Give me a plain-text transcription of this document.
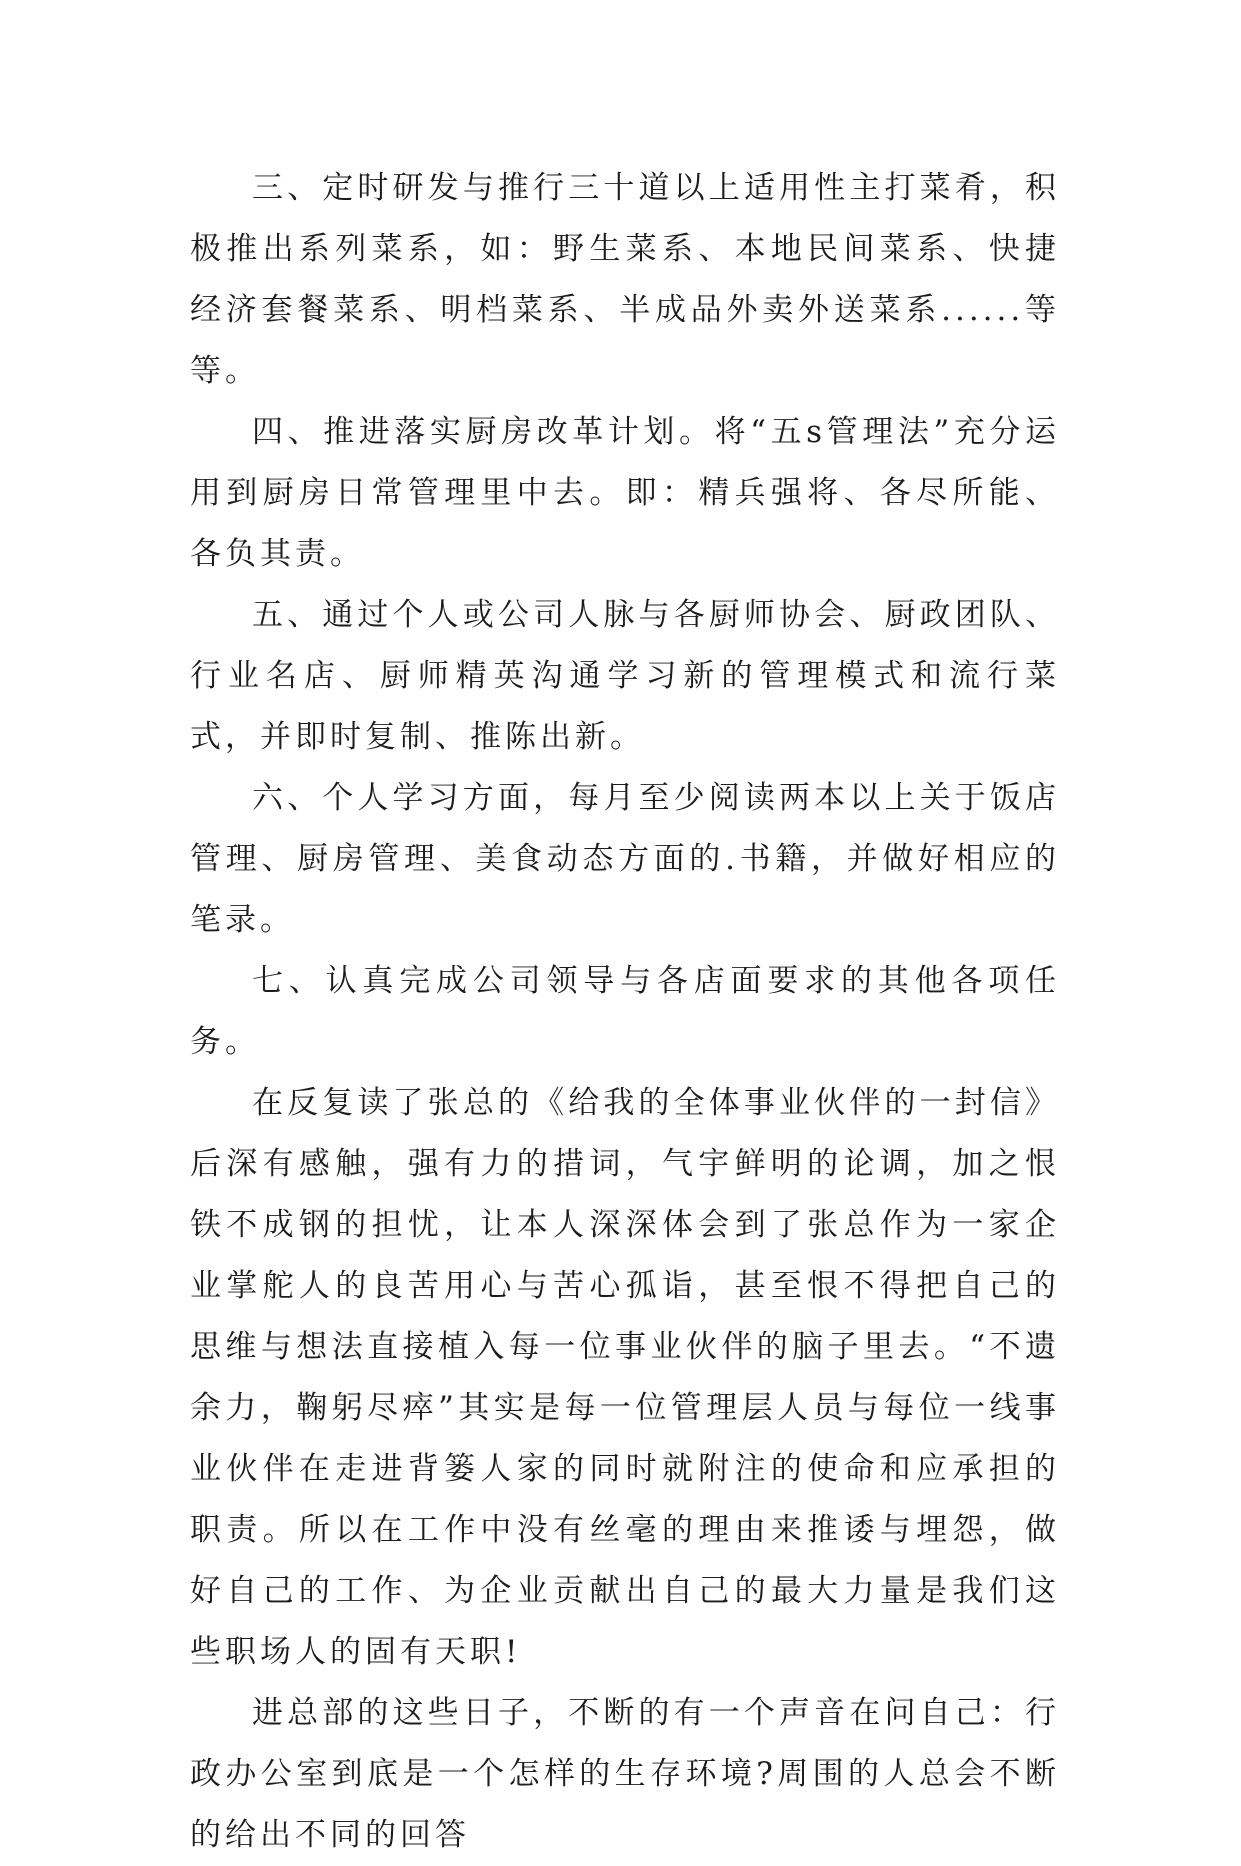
三、定时研发与推行三十道以上适用性主打菜肴，积极推出系列菜系，如：野生菜系、本地民间菜系、快捷经济套餐菜系、明档菜系、半成品外卖外送菜系......等等。

四、推进落实厨房改革计划。将“五s管理法”充分运用到厨房日常管理里中去。即：精兵强将、各尽所能、各负其责。

五、通过个人或公司人脉与各厨师协会、厨政团队、行业名店、厨师精英沟通学习新的管理模式和流行菜式，并即时复制、推陈出新。

六、个人学习方面，每月至少阅读两本以上关于饭店管理、厨房管理、美食动态方面的.书籍，并做好相应的笔录。

七、认真完成公司领导与各店面要求的其他各项任务。

在反复读了张总的《给我的全体事业伙伴的一封信》后深有感触，强有力的措词，气宇鲜明的论调，加之恨铁不成钢的担忧，让本人深深体会到了张总作为一家企业掌舵人的良苦用心与苦心孤诣，甚至恨不得把自己的思维与想法直接植入每一位事业伙伴的脑子里去。“不遗余力，鞠躬尽瘁”其实是每一位管理层人员与每位一线事业伙伴在走进背篓人家的同时就附注的使命和应承担的职责。所以在工作中没有丝毫的理由来推诿与埋怨，做好自己的工作、为企业贡献出自己的最大力量是我们这些职场人的固有天职!

进总部的这些日子，不断的有一个声音在问自己：行政办公室到底是一个怎样的生存环境?周围的人总会不断的给出不同的回答
